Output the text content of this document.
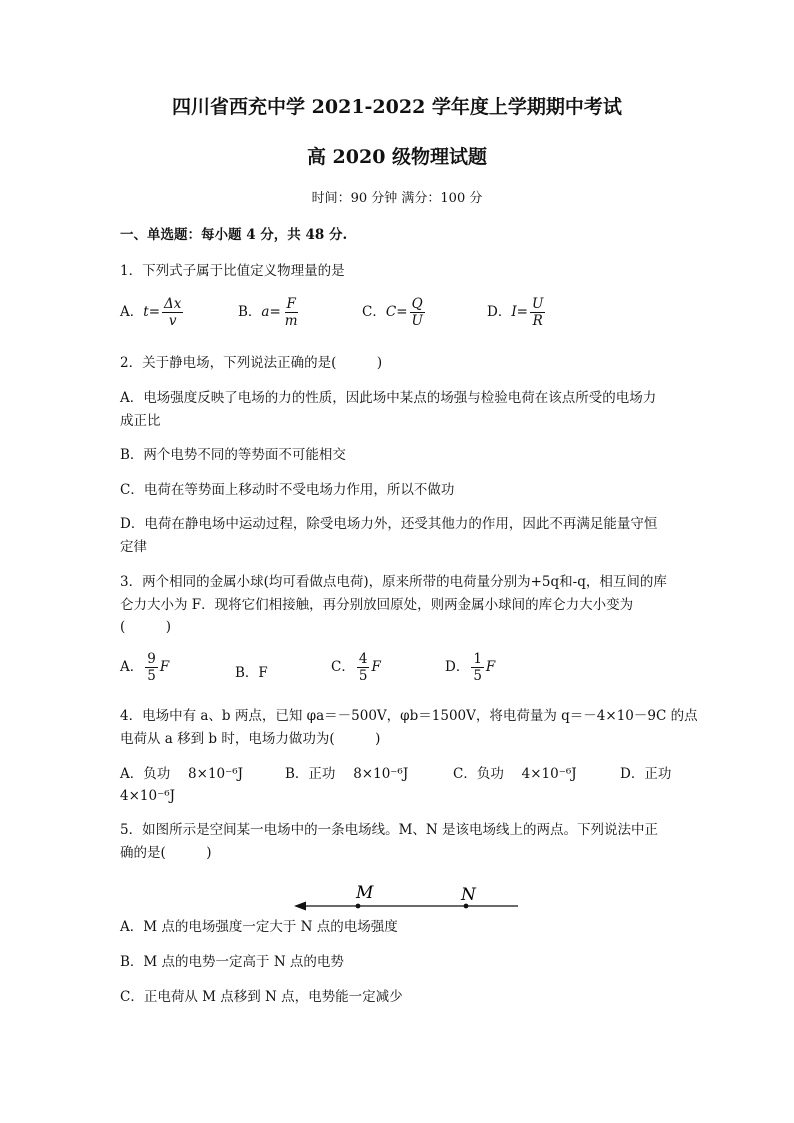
四川省西充中学 2021-2022 学年度上学期期中考试
高 2020 级物理试题
时间：90 分钟 满分：100 分
一、单选题：每小题 4 分，共 48 分.
1．下列式子属于比值定义物理量的是
A．$t= \frac{\Delta x}{v}$	B．$a= \frac{F}{m}$	C．$C= \frac{Q}{U}$	D．$I= \frac{U}{R}$
2．关于静电场，下列说法正确的是(　　　)
A．电场强度反映了电场的力的性质，因此场中某点的场强与检验电荷在该点所受的电场力
成正比
B．两个电势不同的等势面不可能相交
C．电荷在等势面上移动时不受电场力作用，所以不做功
D．电荷在静电场中运动过程，除受电场力外，还受其他力的作用，因此不再满足能量守恒
定律
3．两个相同的金属小球(均可看做点电荷)，原来所带的电荷量分别为+5q和-q，相互间的库
仑力大小为 F．现将它们相接触，再分别放回原处，则两金属小球间的库仑力大小变为
(　　　)
A． $\frac{9}{5}$ F	B．F	C． $\frac{4}{5}$ F	D． $\frac{1}{5}$ F
4．电场中有 a、b 两点，已知 φa＝－500V，φb＝1500V，将电荷量为 q＝－4×10－9C 的点
电荷从 a 移到 b 时，电场力做功为(　　　)
A．负功　 8×10⁻⁶J	B．正功　 8×10⁻⁶J	C．负功　 4×10⁻⁶J	D．正功
4×10⁻⁶J
5．如图所示是空间某一电场中的一条电场线。M、N 是该电场线上的两点。下列说法中正
确的是(　　　)
M	N
A．M 点的电场强度一定大于 N 点的电场强度
B．M 点的电势一定高于 N 点的电势
C．正电荷从 M 点移到 N 点，电势能一定减少
